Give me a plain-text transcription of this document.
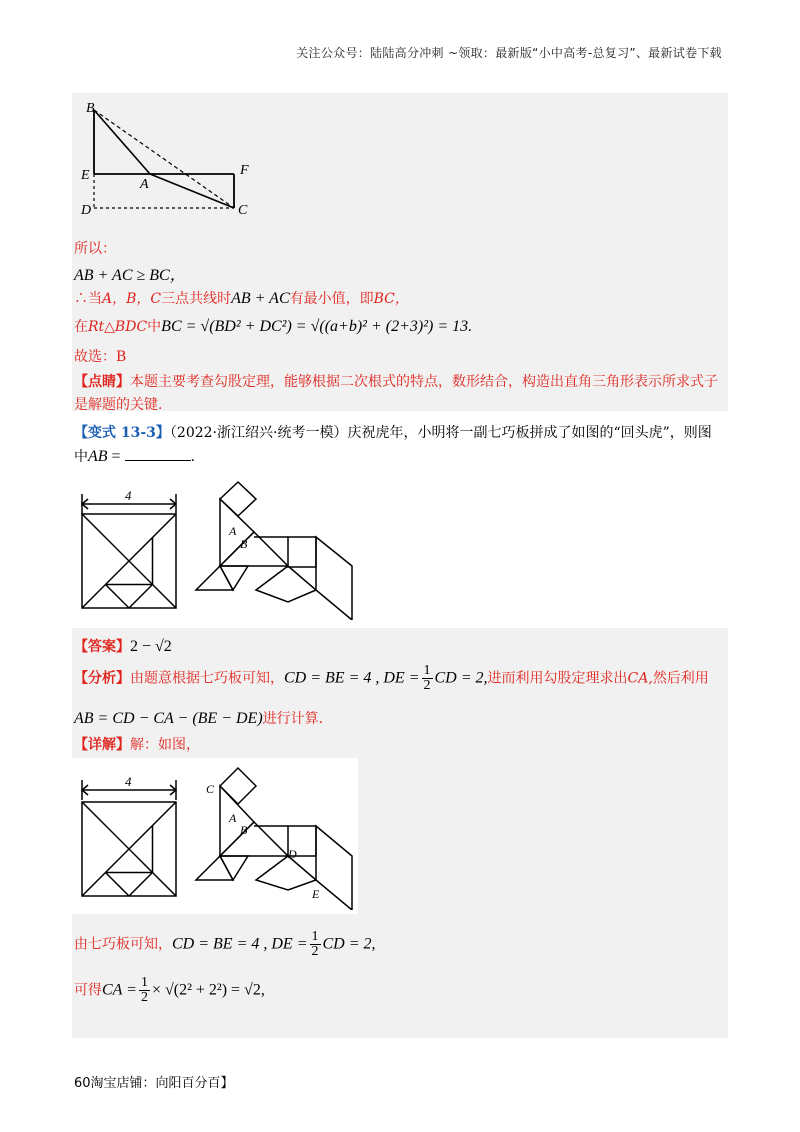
关注公众号：陆陆高分冲刺 ~领取：最新版“小中高考-总复习”、最新试卷下载
B
E
A
F
D	C
所以：
AB + AC ≥ BC，
∴当A，B，C三点共线时AB + AC有最小值，即BC，
在Rt△BDC中BC = √(BD² + DC²) = √((a+b)² + (2+3)²) = 13.
故选：B
【点睛】本题主要考查勾股定理，能够根据二次根式的特点，数形结合，构造出直角三角形表示所求式子
是解题的关键.
【变式 13-3】（2022·浙江绍兴·统考一模）庆祝虎年，小明将一副七巧板拼成了如图的“回头虎”，则图
中AB =	.
4
A
B
【答案】2 − √2
【分析】由题意根据七巧板可知，CD = BE = 4 , DE = $\frac{1}{2}$ CD = 2,进而利用勾股定理求出CA,然后利用
AB = CD − CA − (BE − DE)进行计算.
【详解】解：如图，
4	C
A
B
D
E
由七巧板可知，CD = BE = 4 , DE = $\frac{1}{2}$ CD = 2,
可得CA = $\frac{1}{2} \times √(2^2 + 2^2) = √2$,
60淘宝店铺：向阳百分百】
